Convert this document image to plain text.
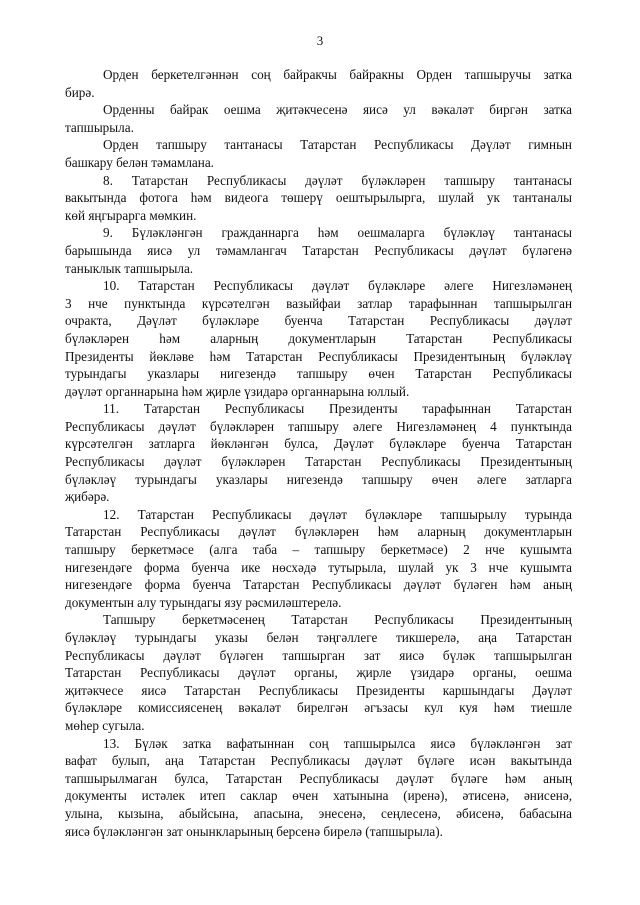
3
Орден беркетелгәннән соң байракчы байракны Орден тапшыручы затка
бирә.
Орденны байрак оешма җитәкчесенә яисә ул вәкаләт биргән затка
тапшырыла.
Орден тапшыру тантанасы Татарстан Республикасы Дәүләт гимнын
башкару белән тәмамлана.
8. Татарстан Республикасы дәүләт бүләкләрен тапшыру тантанасы
вакытында фотога һәм видеога төшерү оештырылырга, шулай ук тантаналы
көй яңгырарга мөмкин.
9. Бүләкләнгән гражданнарга һәм оешмаларга бүләкләү тантанасы
барышында яисә ул тәмамлангач Татарстан Республикасы дәүләт бүләгенә
таныклык тапшырыла.
10. Татарстан Республикасы дәүләт бүләкләре әлеге Нигезләмәнең
3 нче пунктында күрсәтелгән вазыйфаи затлар тарафыннан тапшырылган
очракта, Дәүләт бүләкләре буенча Татарстан Республикасы дәүләт
бүләкләрен һәм аларның документларын Татарстан Республикасы
Президенты йөкләве һәм Татарстан Республикасы Президентының бүләкләү
турындагы указлары нигезендә тапшыру өчен Татарстан Республикасы
дәүләт органнарына һәм җирле үзидарә органнарына юллый.
11. Татарстан Республикасы Президенты тарафыннан Татарстан
Республикасы дәүләт бүләкләрен тапшыру әлеге Нигезләмәнең 4 пунктында
күрсәтелгән затларга йөкләнгән булса, Дәүләт бүләкләре буенча Татарстан
Республикасы дәүләт бүләкләрен Татарстан Республикасы Президентының
бүләкләү турындагы указлары нигезендә тапшыру өчен әлеге затларга
җибәрә.
12. Татарстан Республикасы дәүләт бүләкләре тапшырылу турында
Татарстан Республикасы дәүләт бүләкләрен һәм аларның документларын
тапшыру беркетмәсе (алга таба – тапшыру беркетмәсе) 2 нче кушымта
нигезендәге форма буенча ике нөсхәдә тутырыла, шулай ук 3 нче кушымта
нигезендәге форма буенча Татарстан Республикасы дәүләт бүләген һәм аның
документын алу турындагы язу рәсмиләштерелә.
Тапшыру беркетмәсенең Татарстан Республикасы Президентының
бүләкләү турындагы указы белән тәңгәллеге тикшерелә, аңа Татарстан
Республикасы дәүләт бүләген тапшырган зат яисә бүләк тапшырылган
Татарстан Республикасы дәүләт органы, җирле үзидарә органы, оешма
җитәкчесе яисә Татарстан Республикасы Президенты каршындагы Дәүләт
бүләкләре комиссиясенең вәкаләт бирелгән әгъзасы кул куя һәм тиешле
мөһер сугыла.
13. Бүләк затка вафатыннан соң тапшырылса яисә бүләкләнгән зат
вафат булып, аңа Татарстан Республикасы дәүләт бүләге исән вакытында
тапшырылмаган булса, Татарстан Республикасы дәүләт бүләге һәм аның
документы истәлек итеп саклар өчен хатынына (иренә), әтисенә, әнисенә,
улына, кызына, абыйсына, апасына, энесенә, сеңлесенә, әбисенә, бабасына
яисә бүләкләнгән зат онынкларының берсенә бирелә (тапшырыла).
